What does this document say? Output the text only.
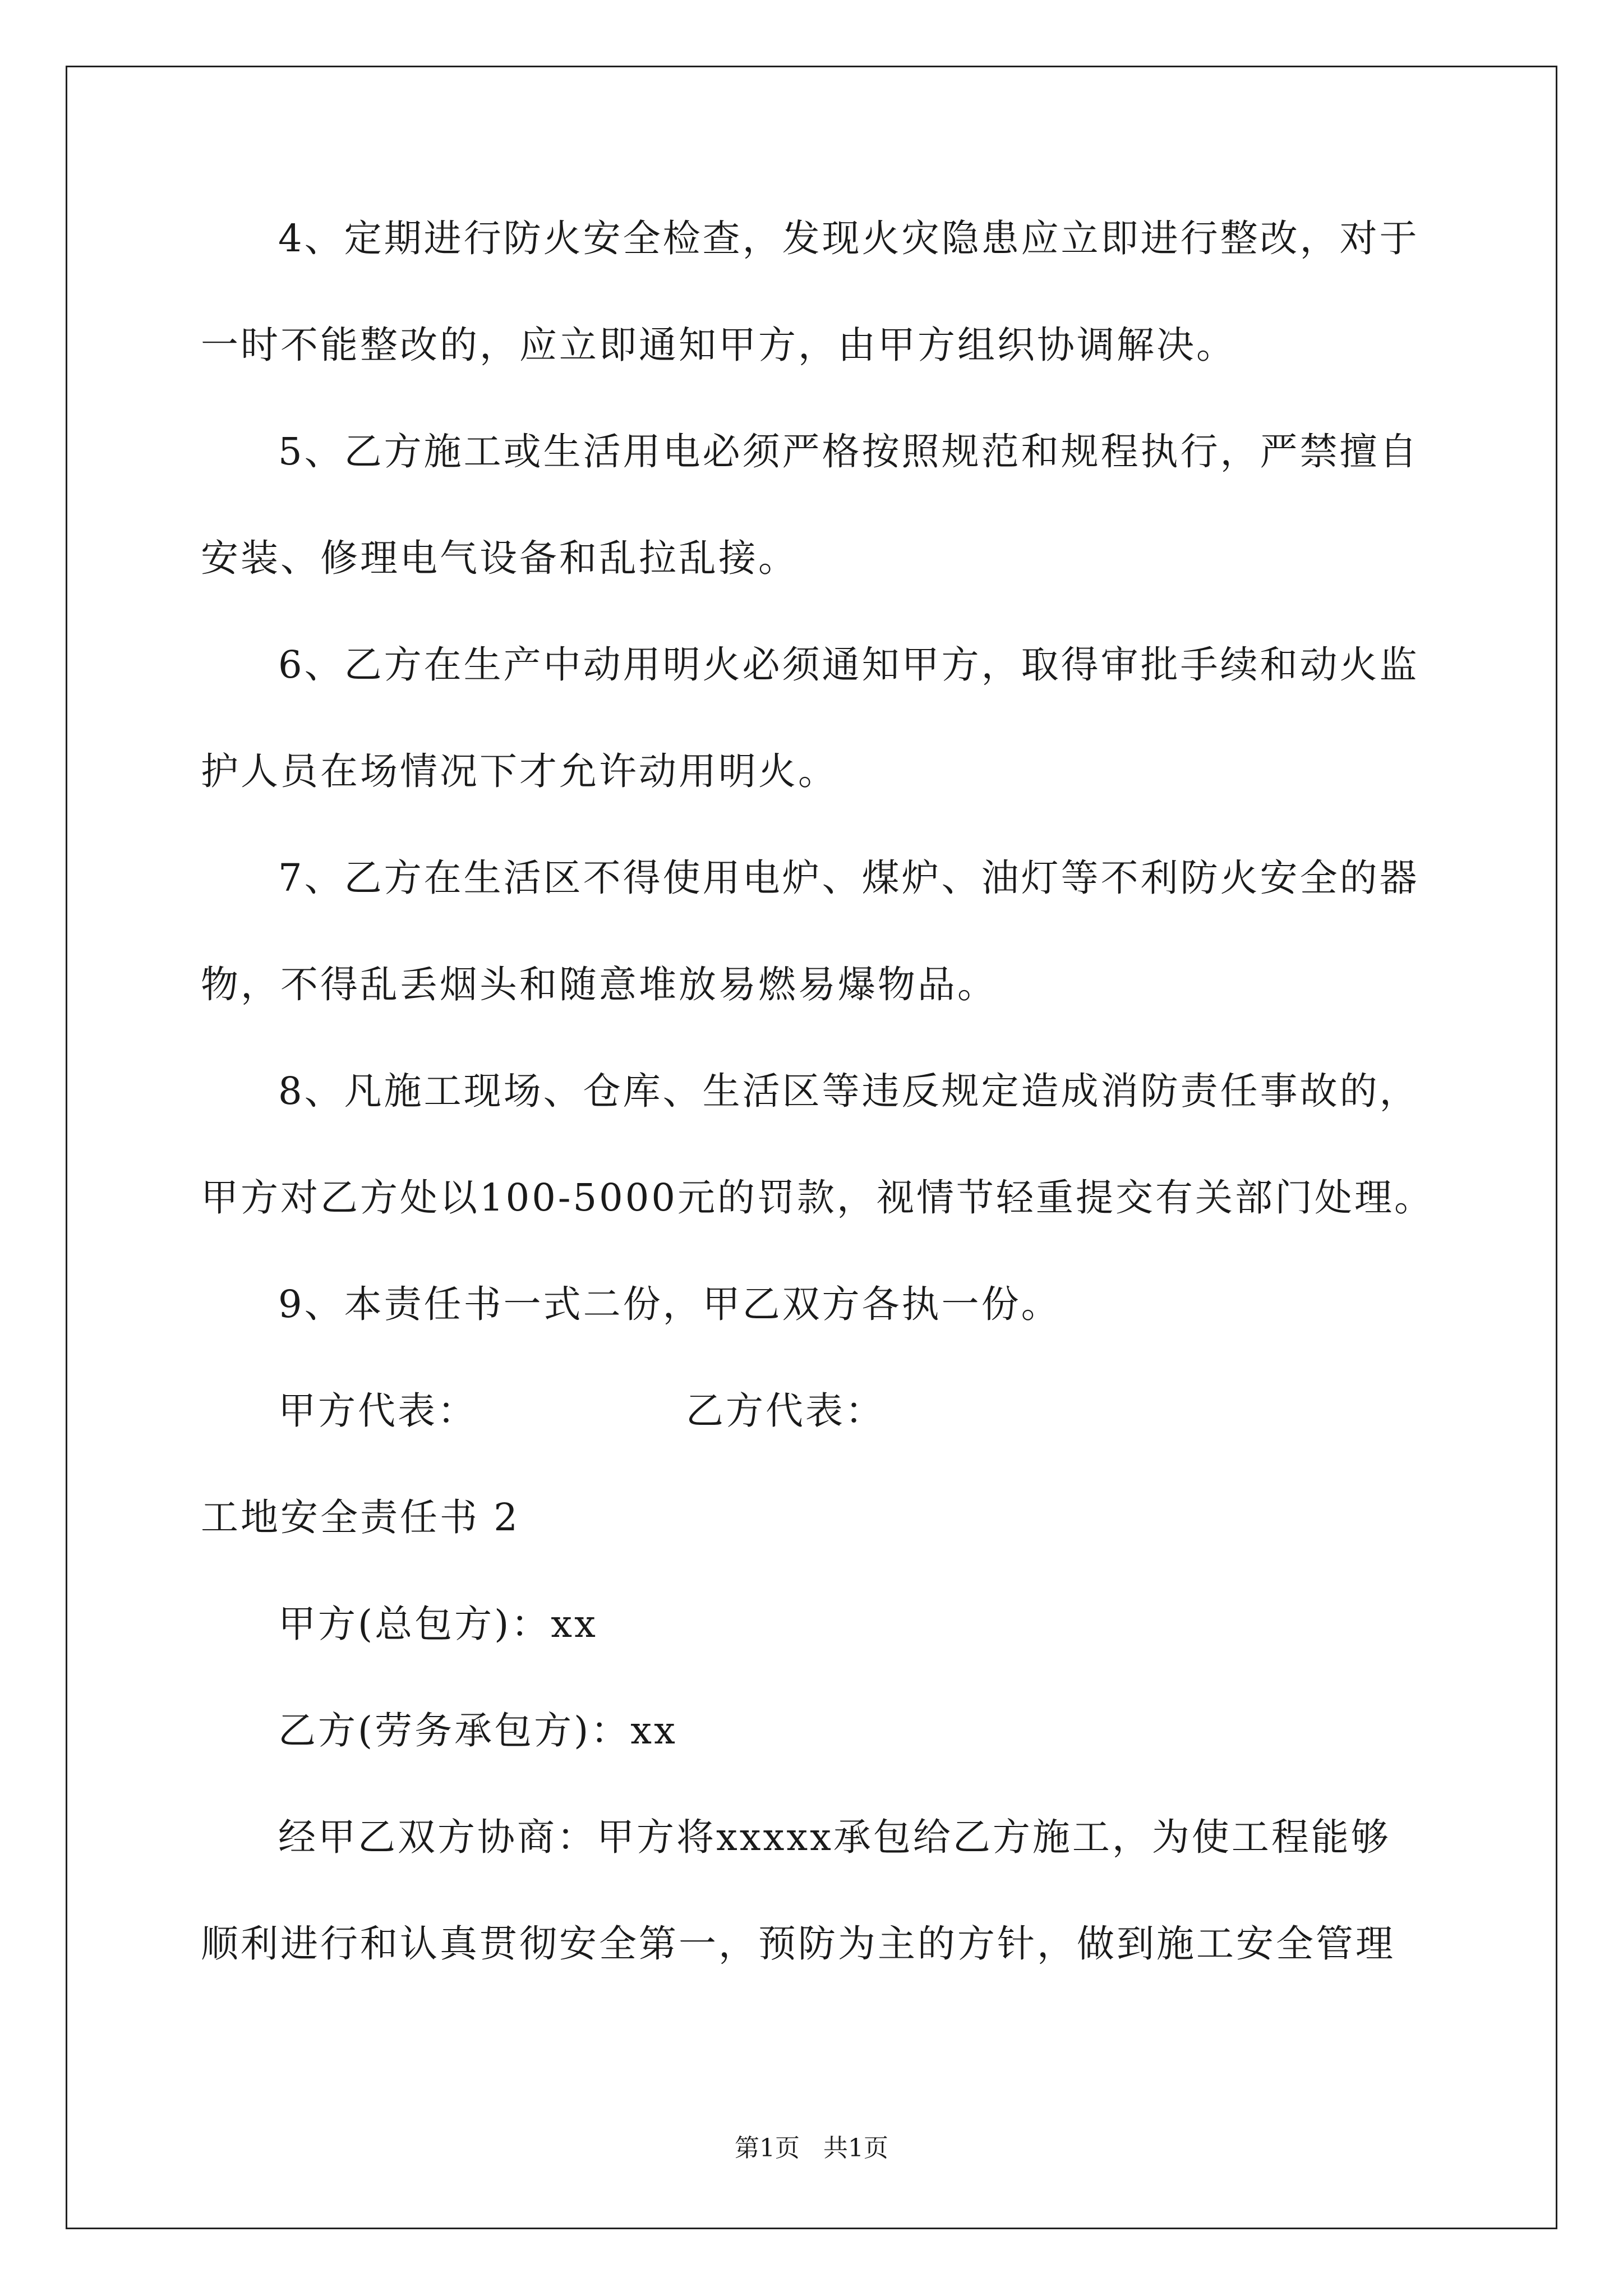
4、定期进行防火安全检查，发现火灾隐患应立即进行整改，对于
一时不能整改的，应立即通知甲方，由甲方组织协调解决。
5、乙方施工或生活用电必须严格按照规范和规程执行，严禁擅自
安装、修理电气设备和乱拉乱接。
6、乙方在生产中动用明火必须通知甲方，取得审批手续和动火监
护人员在场情况下才允许动用明火。
7、乙方在生活区不得使用电炉、煤炉、油灯等不利防火安全的器
物，不得乱丢烟头和随意堆放易燃易爆物品。
8、凡施工现场、仓库、生活区等违反规定造成消防责任事故的，
甲方对乙方处以100-5000元的罚款，视情节轻重提交有关部门处理。
9、本责任书一式二份，甲乙双方各执一份。
甲方代表：	乙方代表：
工地安全责任书 2
甲方(总包方)：xx
乙方(劳务承包方)：xx
经甲乙双方协商：甲方将xxxxx承包给乙方施工，为使工程能够
顺利进行和认真贯彻安全第一，预防为主的方针，做到施工安全管理
第1页   共1页
